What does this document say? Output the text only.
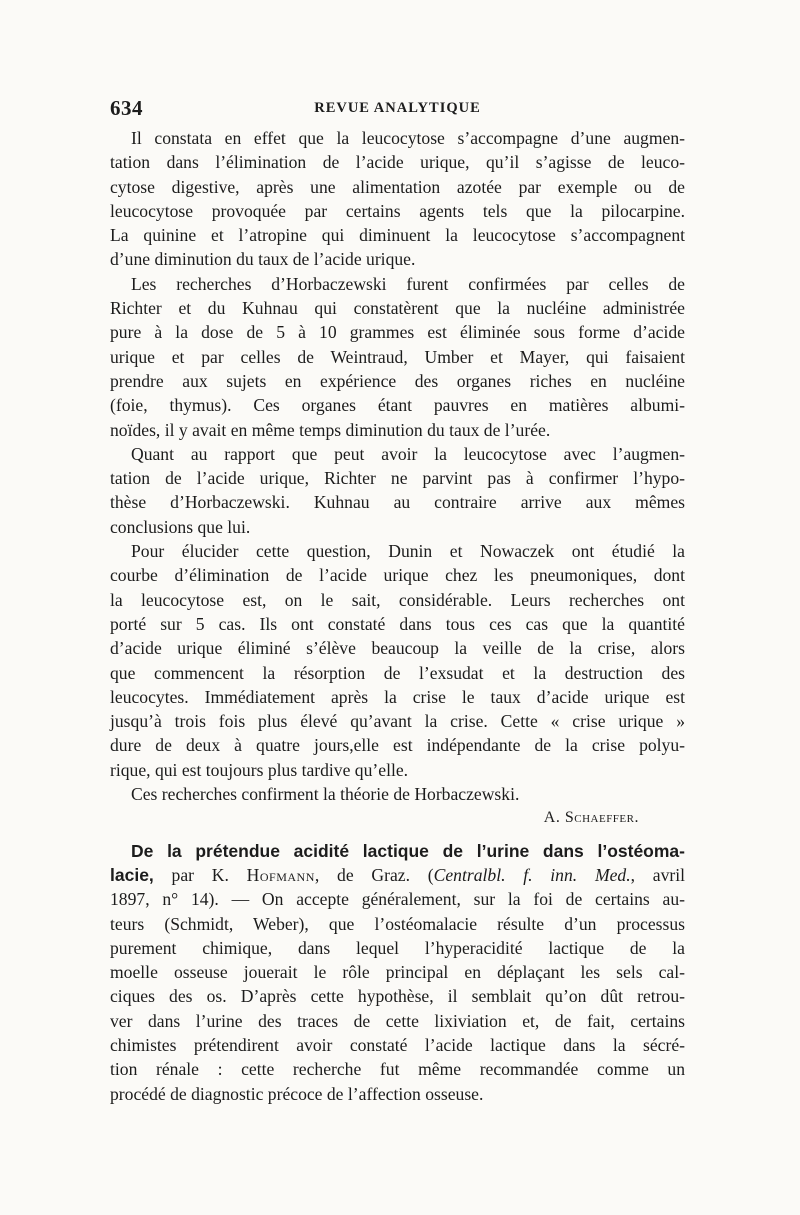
634	REVUE ANALYTIQUE
Il constata en effet que la leucocytose s’accompagne d’une augmen-
tation dans l’élimination de l’acide urique, qu’il s’agisse de leuco-
cytose digestive, après une alimentation azotée par exemple ou de
leucocytose provoquée par certains agents tels que la pilocarpine.
La quinine et l’atropine qui diminuent la leucocytose s’accompagnent
d’une diminution du taux de l’acide urique.
Les recherches d’Horbaczewski furent confirmées par celles de
Richter et du Kuhnau qui constatèrent que la nucléine administrée
pure à la dose de 5 à 10 grammes est éliminée sous forme d’acide
urique et par celles de Weintraud, Umber et Mayer, qui faisaient
prendre aux sujets en expérience des organes riches en nucléine
(foie, thymus). Ces organes étant pauvres en matières albumi-
noïdes, il y avait en même temps diminution du taux de l’urée.
Quant au rapport que peut avoir la leucocytose avec l’augmen-
tation de l’acide urique, Richter ne parvint pas à confirmer l’hypo-
thèse d’Horbaczewski. Kuhnau au contraire arrive aux mêmes
conclusions que lui.
Pour élucider cette question, Dunin et Nowaczek ont étudié la
courbe d’élimination de l’acide urique chez les pneumoniques, dont
la leucocytose est, on le sait, considérable. Leurs recherches ont
porté sur 5 cas. Ils ont constaté dans tous ces cas que la quantité
d’acide urique éliminé s’élève beaucoup la veille de la crise, alors
que commencent la résorption de l’exsudat et la destruction des
leucocytes. Immédiatement après la crise le taux d’acide urique est
jusqu’à trois fois plus élevé qu’avant la crise. Cette « crise urique »
dure de deux à quatre jours,elle est indépendante de la crise polyu-
rique, qui est toujours plus tardive qu’elle.
Ces recherches confirment la théorie de Horbaczewski.
A. Schaeffer.
De la prétendue acidité lactique de l’urine dans l’ostéoma-
lacie, par K. Hofmann, de Graz. (Centralbl. f. inn. Med., avril
1897, n° 14). — On accepte généralement, sur la foi de certains au-
teurs (Schmidt, Weber), que l’ostéomalacie résulte d’un processus
purement chimique, dans lequel l’hyperacidité lactique de la
moelle osseuse jouerait le rôle principal en déplaçant les sels cal-
ciques des os. D’après cette hypothèse, il semblait qu’on dût retrou-
ver dans l’urine des traces de cette lixiviation et, de fait, certains
chimistes prétendirent avoir constaté l’acide lactique dans la sécré-
tion rénale : cette recherche fut même recommandée comme un
procédé de diagnostic précoce de l’affection osseuse.
